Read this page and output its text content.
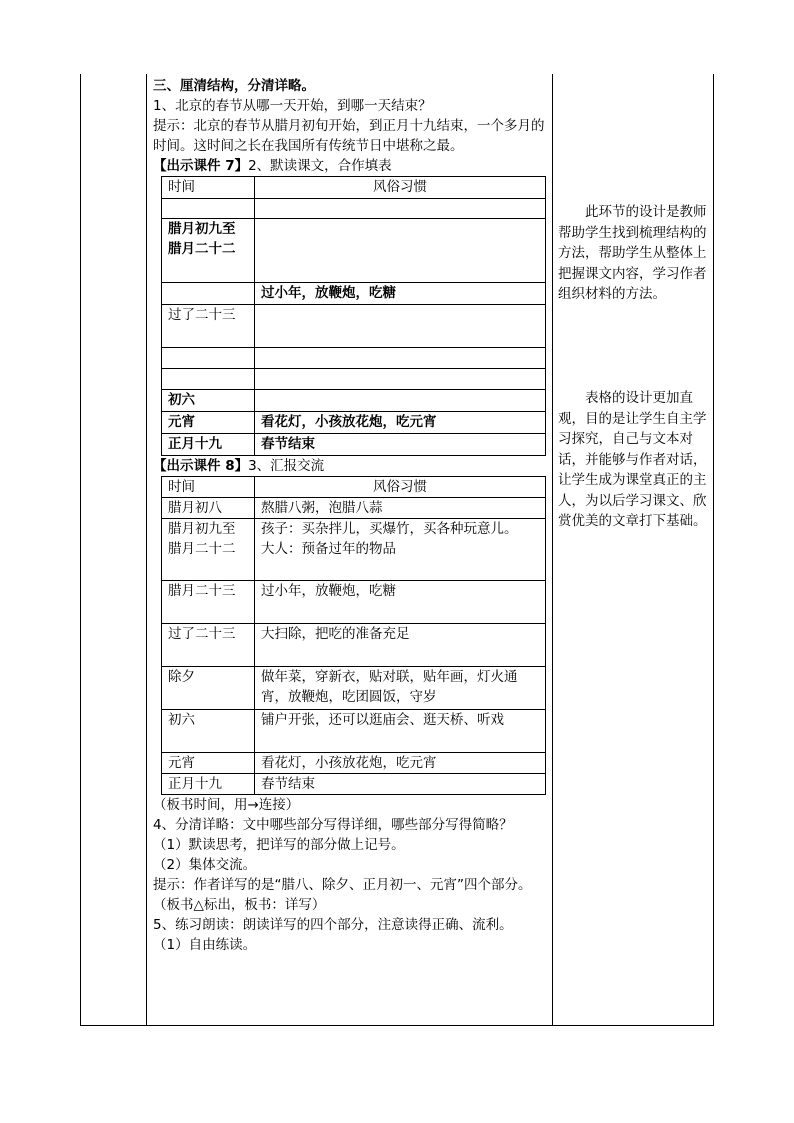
三、厘清结构，分清详略。

1、北京的春节从哪一天开始，到哪一天结束？

提示：北京的春节从腊月初旬开始，到正月十九结束，一个多月的时间。这时间之长在我国所有传统节日中堪称之最。

【出示课件 7】2、默读课文，合作填表

时间	风俗习惯

腊月初九至腊月二十二	
	过小年，放鞭炮，吃糖
过了二十三	

初六	
元宵	看花灯，小孩放花炮，吃元宵
正月十九	春节结束

【出示课件 8】3、汇报交流

时间	风俗习惯
腊月初八	熬腊八粥，泡腊八蒜
腊月初九至腊月二十二	孩子：买杂拌儿，买爆竹，买各种玩意儿。
大人：预备过年的物品
腊月二十三	过小年，放鞭炮，吃糖
过了二十三	大扫除，把吃的准备充足
除夕	做年菜，穿新衣，贴对联，贴年画，灯火通宵，放鞭炮，吃团圆饭，守岁
初六	铺户开张，还可以逛庙会、逛天桥、听戏
元宵	看花灯，小孩放花炮，吃元宵
正月十九	春节结束

（板书时间，用→连接）

4、分清详略：文中哪些部分写得详细，哪些部分写得简略？

（1）默读思考，把详写的部分做上记号。

（2）集体交流。

提示：作者详写的是“腊八、除夕、正月初一、元宵”四个部分。（板书△标出，板书：详写）

5、练习朗读：朗读详写的四个部分，注意读得正确、流利。

（1）自由练读。

此环节的设计是教师帮助学生找到梳理结构的方法，帮助学生从整体上把握课文内容，学习作者组织材料的方法。

表格的设计更加直观，目的是让学生自主学习探究，自己与文本对话，并能够与作者对话，让学生成为课堂真正的主人，为以后学习课文、欣赏优美的文章打下基础。
